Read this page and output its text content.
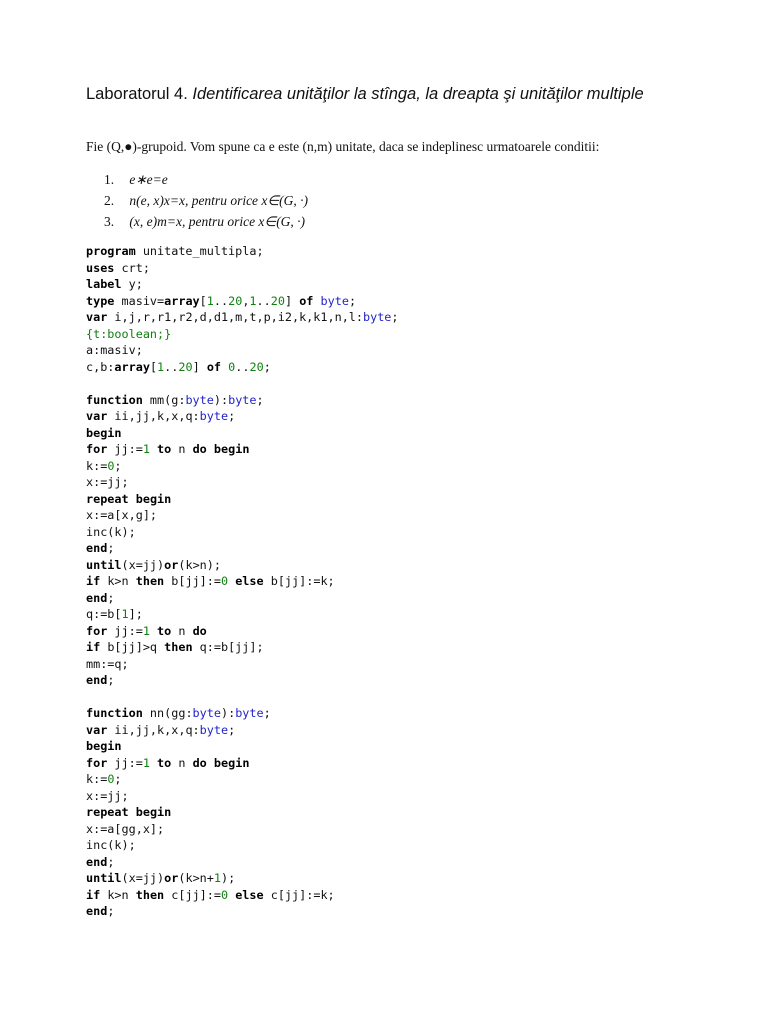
Laboratorul 4. Identificarea unităţilor la stînga, la dreapta şi unităţilor multiple
Fie (Q,●)-grupoid. Vom spune ca e este (n,m) unitate, daca se indeplinesc urmatoarele conditii:
1. e∗e=e
2. n(e, x)x=x, pentru orice x∈(G, ·)
3. (x, e)m=x, pentru orice x∈(G, ·)
program unitate_multipla;
uses crt;
label y;
type masiv=array[1..20,1..20] of byte;
var i,j,r,r1,r2,d,d1,m,t,p,i2,k,k1,n,l:byte;
{t:boolean;}
a:masiv;
c,b:array[1..20] of 0..20;

function mm(g:byte):byte;
var ii,jj,k,x,q:byte;
begin
for jj:=1 to n do begin
k:=0;
x:=jj;
repeat begin
x:=a[x,g];
inc(k);
end;
until(x=jj)or(k>n);
if k>n then b[jj]:=0 else b[jj]:=k;
end;
q:=b[1];
for jj:=1 to n do
if b[jj]>q then q:=b[jj];
mm:=q;
end;

function nn(gg:byte):byte;
var ii,jj,k,x,q:byte;
begin
for jj:=1 to n do begin
k:=0;
x:=jj;
repeat begin
x:=a[gg,x];
inc(k);
end;
until(x=jj)or(k>n+1);
if k>n then c[jj]:=0 else c[jj]:=k;
end;
